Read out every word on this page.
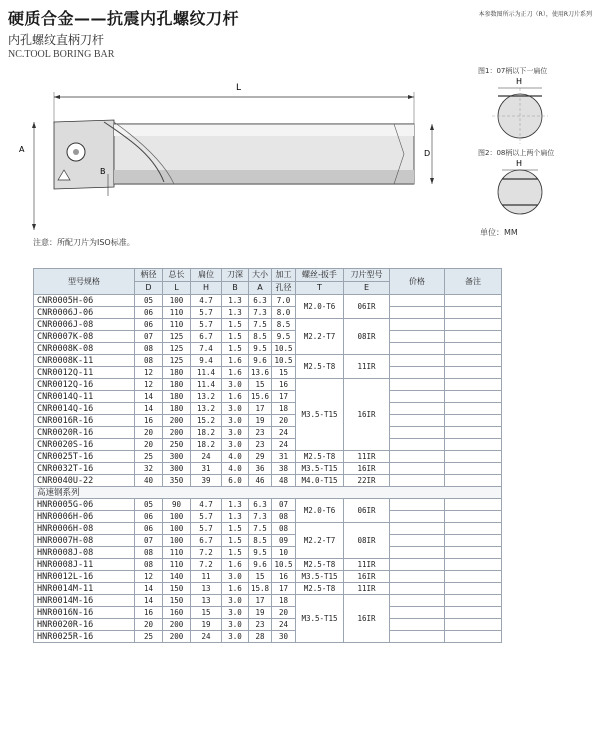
硬质合金——抗震内孔螺纹刀杆
内孔螺纹直柄刀杆
NC.TOOL BORING BAR
本参数图所示为正刀（R），使用R刀片系列
L
A
B
D
H
H
图1：07柄以下一扁位
图2：08柄以上两个扁位
单位：MM
注意：所配刀片为ISO标准。
型号规格	柄径	总长	扁位	刀深	大小	加工	螺丝-扳手	刀片型号	价格	备注
	D	L	H	B	A	孔径	T	E		
CNR0005H-06	05	100	4.7	1.3	6.3	7.0	M2.0-T6	06IR		
CNR0006J-06	06	110	5.7	1.3	7.3	8.0				
CNR0006J-08	06	110	5.7	1.5	7.5	8.5	M2.2-T7	08IR		
CNR0007K-08	07	125	6.7	1.5	8.5	9.5				
CNR0008K-08	08	125	7.4	1.5	9.5	10.5				
CNR0008K-11	08	125	9.4	1.6	9.6	10.5	M2.5-T8	11IR		
CNR0012Q-11	12	180	11.4	1.6	13.6	15				
CNR0012Q-16	12	180	11.4	3.0	15	16	M3.5-T15	16IR		
CNR0014Q-11	14	180	13.2	1.6	15.6	17				
CNR0014Q-16	14	180	13.2	3.0	17	18				
CNR0016R-16	16	200	15.2	3.0	19	20				
CNR0020R-16	20	200	18.2	3.0	23	24				
CNR0020S-16	20	250	18.2	3.0	23	24				
CNR0025T-16	25	300	24	4.0	29	31	M2.5-T8	11IR		
CNR0032T-16	32	300	31	4.0	36	38	M3.5-T15	16IR		
CNR0040U-22	40	350	39	6.0	46	48	M4.0-T15	22IR		
高速钢系列										
HNR0005G-06	05	90	4.7	1.3	6.3	07	M2.0-T6	06IR		
HNR0006H-06	06	100	5.7	1.3	7.3	08				
HNR0006H-08	06	100	5.7	1.5	7.5	08	M2.2-T7	08IR		
HNR0007H-08	07	100	6.7	1.5	8.5	09				
HNR0008J-08	08	110	7.2	1.5	9.5	10				
HNR0008J-11	08	110	7.2	1.6	9.6	10.5	M2.5-T8	11IR		
HNR0012L-16	12	140	11	3.0	15	16	M3.5-T15	16IR		
HNR0014M-11	14	150	13	1.6	15.8	17	M2.5-T8	11IR		
HNR0014M-16	14	150	13	3.0	17	18	M3.5-T15	16IR		
HNR0016N-16	16	160	15	3.0	19	20				
HNR0020R-16	20	200	19	3.0	23	24				
HNR0025R-16	25	200	24	3.0	28	30				
